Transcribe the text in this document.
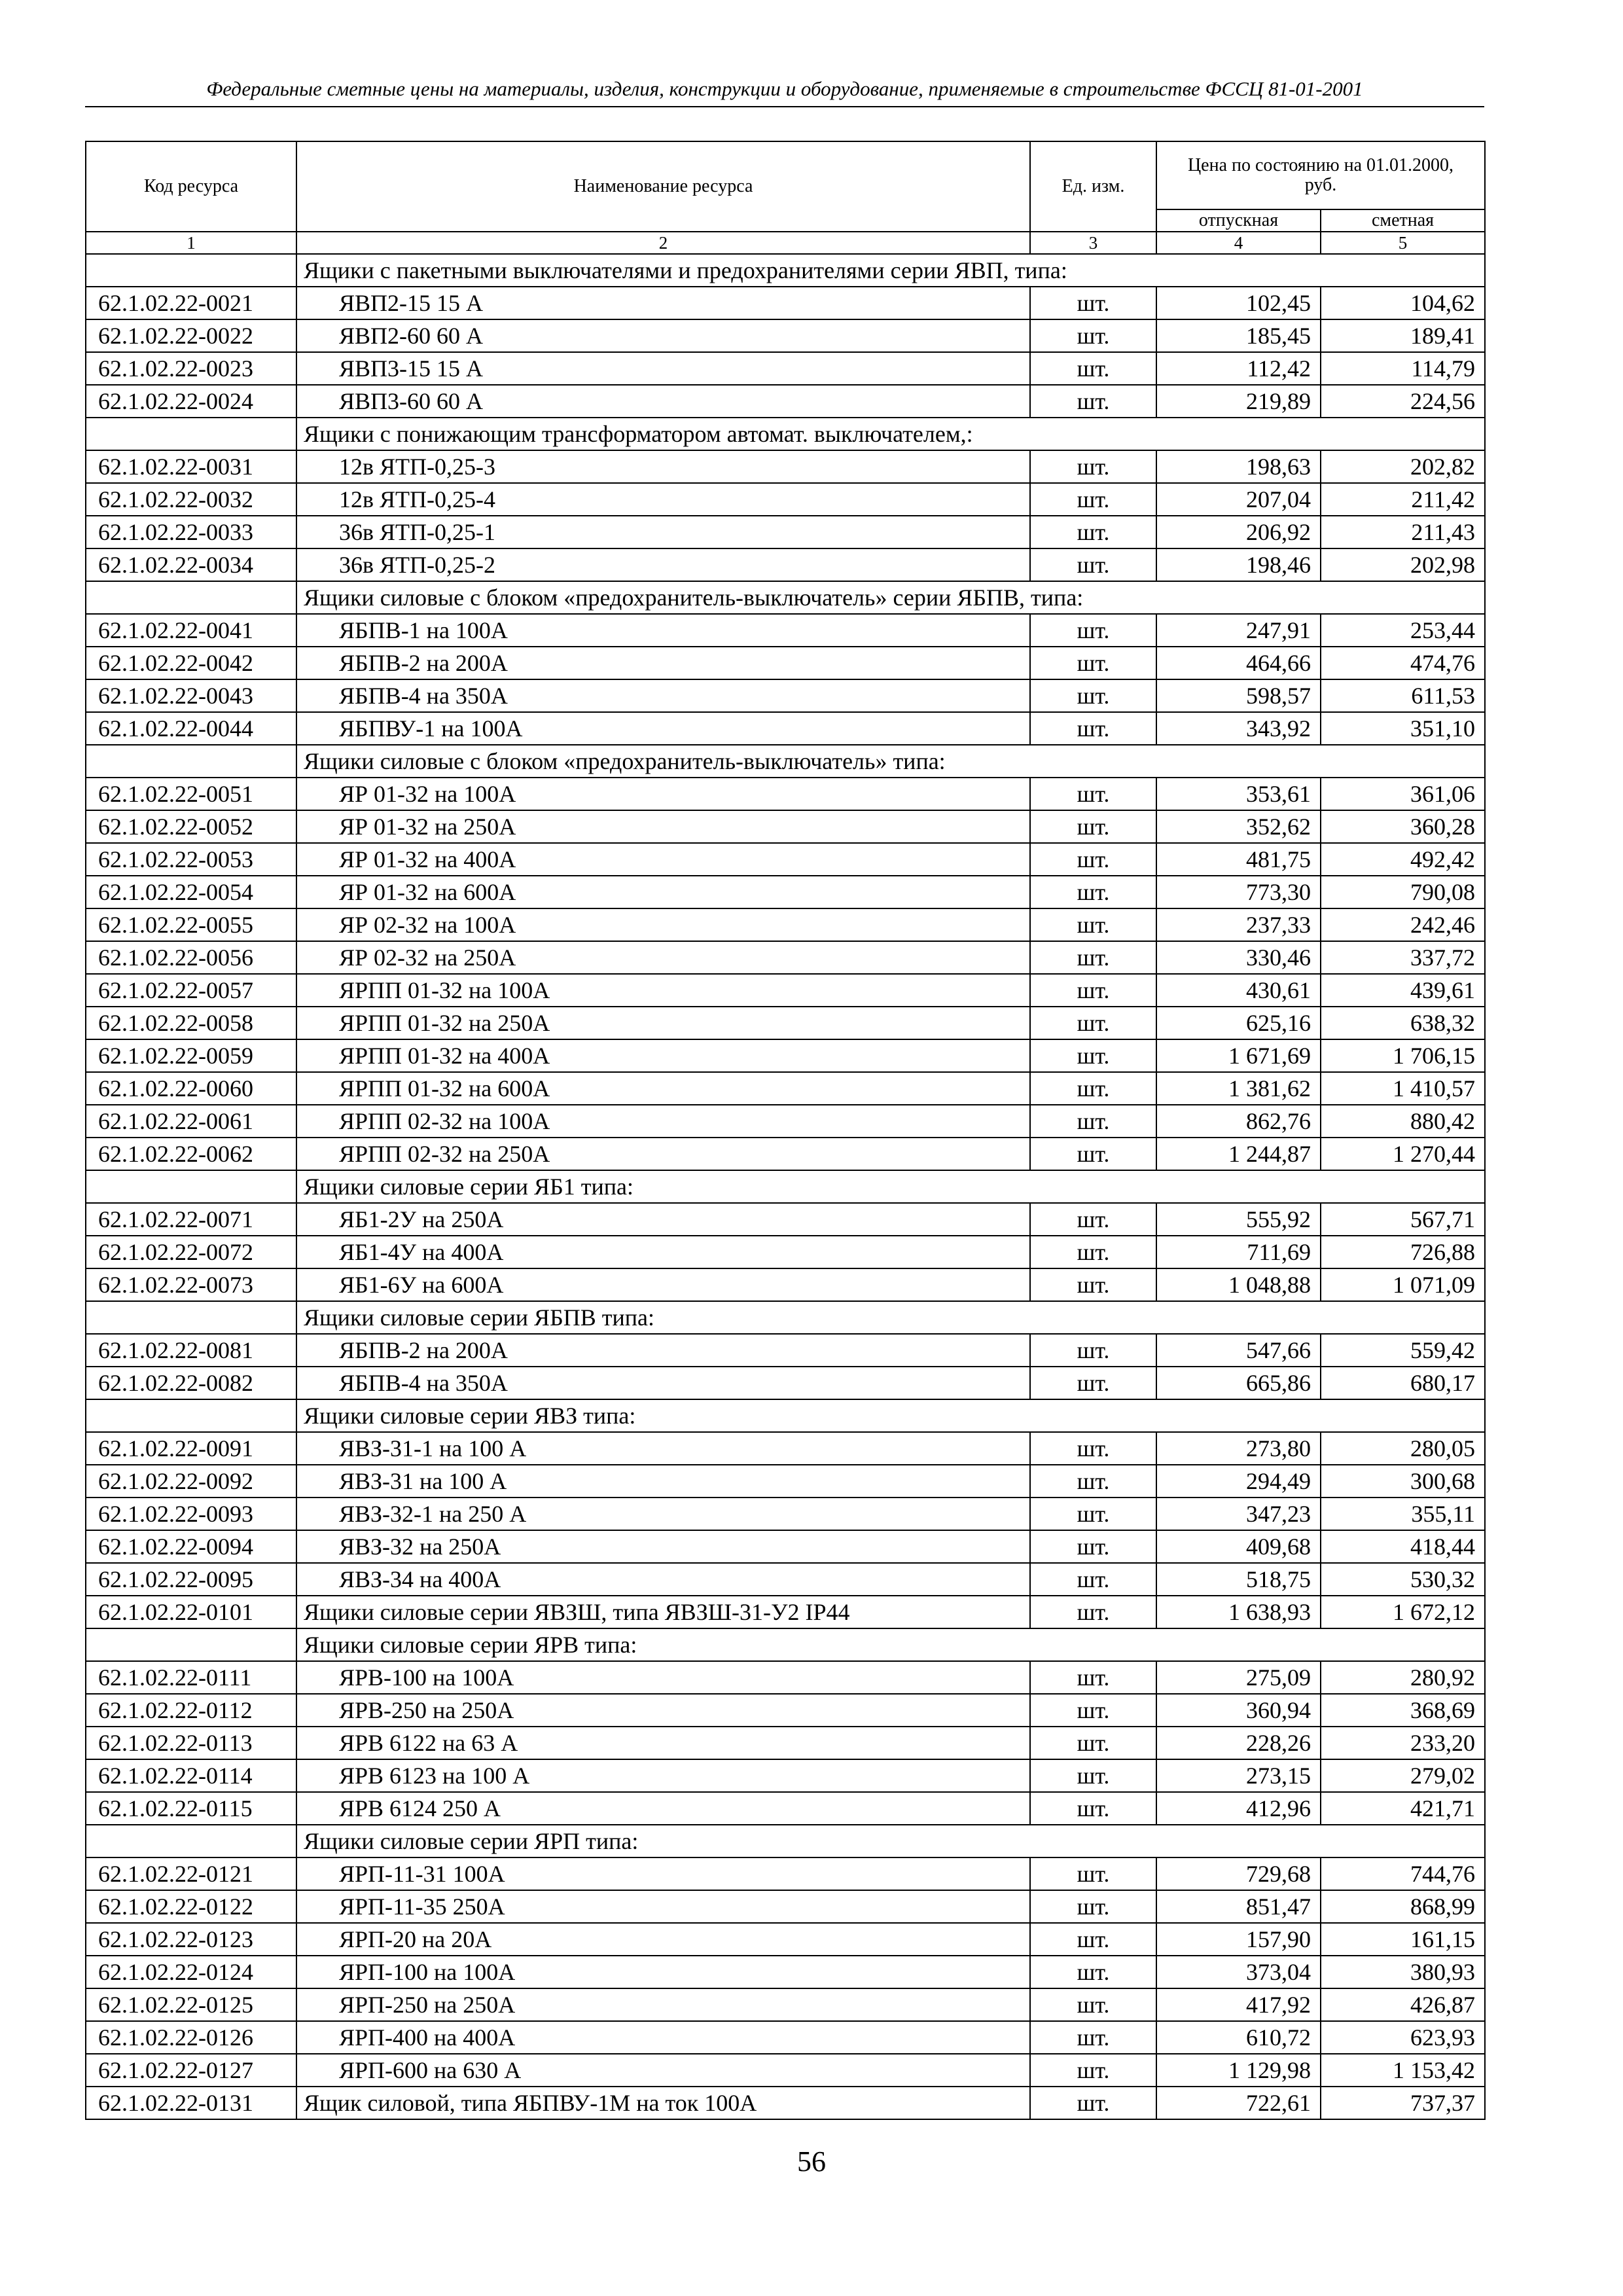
Федеральные сметные цены на материалы, изделия, конструкции и оборудование, применяемые в строительстве ФССЦ 81-01-2001
Код ресурса	Наименование ресурса	Ед. изм.	Цена по состоянию на 01.01.2000, руб.	
			отпускная	сметная
1	2	3	4	5
	Ящики с пакетными выключателями и предохранителями серии ЯВП, типа:			
62.1.02.22-0021	ЯВП2-15 15 А	шт.	102,45	104,62
62.1.02.22-0022	ЯВП2-60 60 А	шт.	185,45	189,41
62.1.02.22-0023	ЯВП3-15 15 А	шт.	112,42	114,79
62.1.02.22-0024	ЯВП3-60 60 А	шт.	219,89	224,56
	Ящики с понижающим трансформатором автомат. выключателем,:			
62.1.02.22-0031	12в ЯТП-0,25-3	шт.	198,63	202,82
62.1.02.22-0032	12в ЯТП-0,25-4	шт.	207,04	211,42
62.1.02.22-0033	36в ЯТП-0,25-1	шт.	206,92	211,43
62.1.02.22-0034	36в ЯТП-0,25-2	шт.	198,46	202,98
	Ящики силовые с блоком «предохранитель-выключатель» серии ЯБПВ, типа:			
62.1.02.22-0041	ЯБПВ-1 на 100А	шт.	247,91	253,44
62.1.02.22-0042	ЯБПВ-2 на 200А	шт.	464,66	474,76
62.1.02.22-0043	ЯБПВ-4 на 350А	шт.	598,57	611,53
62.1.02.22-0044	ЯБПВУ-1 на 100А	шт.	343,92	351,10
	Ящики силовые с блоком «предохранитель-выключатель» типа:			
62.1.02.22-0051	ЯР 01-32 на 100А	шт.	353,61	361,06
62.1.02.22-0052	ЯР 01-32 на 250А	шт.	352,62	360,28
62.1.02.22-0053	ЯР 01-32 на 400А	шт.	481,75	492,42
62.1.02.22-0054	ЯР 01-32 на 600А	шт.	773,30	790,08
62.1.02.22-0055	ЯР 02-32 на 100А	шт.	237,33	242,46
62.1.02.22-0056	ЯР 02-32 на 250А	шт.	330,46	337,72
62.1.02.22-0057	ЯРПП 01-32 на 100А	шт.	430,61	439,61
62.1.02.22-0058	ЯРПП 01-32 на 250А	шт.	625,16	638,32
62.1.02.22-0059	ЯРПП 01-32 на 400А	шт.	1 671,69	1 706,15
62.1.02.22-0060	ЯРПП 01-32 на 600А	шт.	1 381,62	1 410,57
62.1.02.22-0061	ЯРПП 02-32 на 100А	шт.	862,76	880,42
62.1.02.22-0062	ЯРПП 02-32 на 250А	шт.	1 244,87	1 270,44
	Ящики силовые серии ЯБ1 типа:			
62.1.02.22-0071	ЯБ1-2У на 250А	шт.	555,92	567,71
62.1.02.22-0072	ЯБ1-4У на 400А	шт.	711,69	726,88
62.1.02.22-0073	ЯБ1-6У на 600А	шт.	1 048,88	1 071,09
	Ящики силовые серии ЯБПВ типа:			
62.1.02.22-0081	ЯБПВ-2 на 200А	шт.	547,66	559,42
62.1.02.22-0082	ЯБПВ-4 на 350А	шт.	665,86	680,17
	Ящики силовые серии ЯВЗ типа:			
62.1.02.22-0091	ЯВЗ-31-1 на 100 А	шт.	273,80	280,05
62.1.02.22-0092	ЯВЗ-31 на 100 А	шт.	294,49	300,68
62.1.02.22-0093	ЯВЗ-32-1 на 250 А	шт.	347,23	355,11
62.1.02.22-0094	ЯВЗ-32 на 250А	шт.	409,68	418,44
62.1.02.22-0095	ЯВЗ-34 на 400А	шт.	518,75	530,32
62.1.02.22-0101	Ящики силовые серии ЯВЗШ, типа ЯВЗШ-31-У2 IP44	шт.	1 638,93	1 672,12
	Ящики силовые серии ЯРВ типа:			
62.1.02.22-0111	ЯРВ-100 на 100А	шт.	275,09	280,92
62.1.02.22-0112	ЯРВ-250 на 250А	шт.	360,94	368,69
62.1.02.22-0113	ЯРВ 6122 на 63 А	шт.	228,26	233,20
62.1.02.22-0114	ЯРВ 6123 на 100 А	шт.	273,15	279,02
62.1.02.22-0115	ЯРВ 6124 250 А	шт.	412,96	421,71
	Ящики силовые серии ЯРП типа:			
62.1.02.22-0121	ЯРП-11-31 100А	шт.	729,68	744,76
62.1.02.22-0122	ЯРП-11-35 250А	шт.	851,47	868,99
62.1.02.22-0123	ЯРП-20 на 20А	шт.	157,90	161,15
62.1.02.22-0124	ЯРП-100 на 100А	шт.	373,04	380,93
62.1.02.22-0125	ЯРП-250 на 250А	шт.	417,92	426,87
62.1.02.22-0126	ЯРП-400 на 400А	шт.	610,72	623,93
62.1.02.22-0127	ЯРП-600 на 630 А	шт.	1 129,98	1 153,42
62.1.02.22-0131	Ящик силовой, типа ЯБПВУ-1М на ток 100А	шт.	722,61	737,37
56
